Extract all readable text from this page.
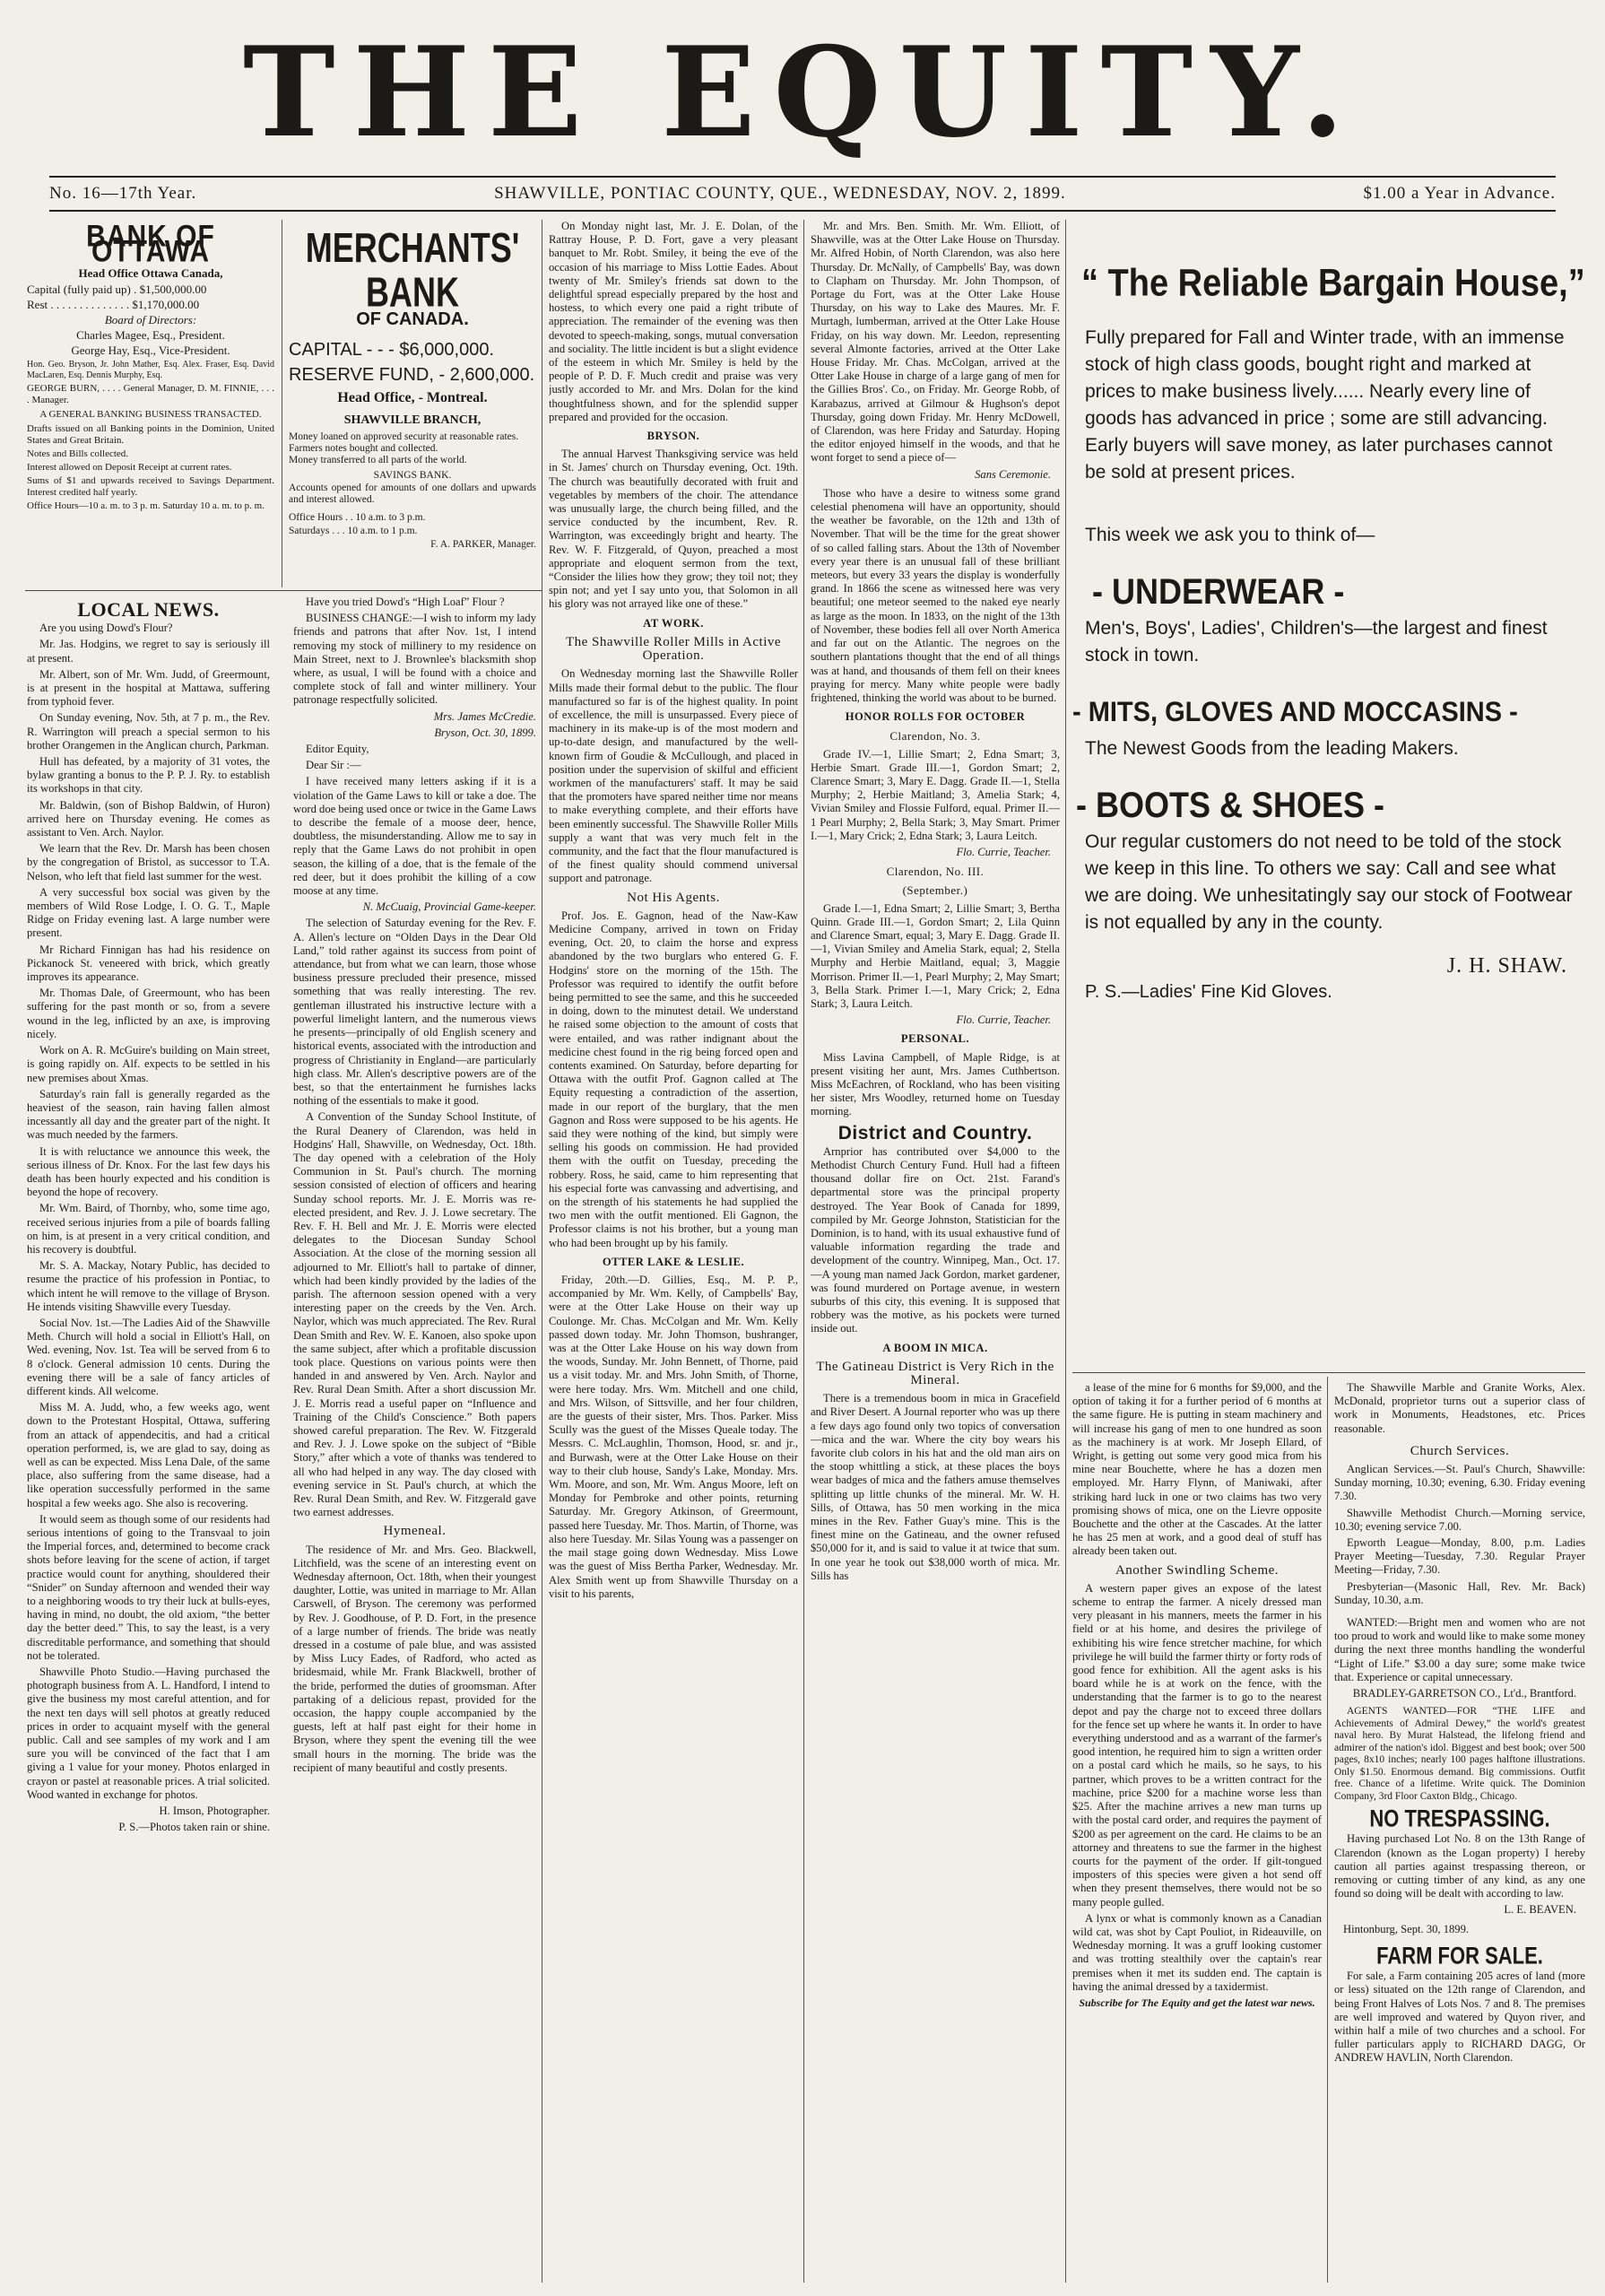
THE EQUITY.
No. 16—17th Year.	SHAWVILLE, PONTIAC COUNTY, QUE., WEDNESDAY, NOV. 2, 1899.	$1.00 a Year in Advance.
BANK OF OTTAWA
Head Office Ottawa Canada,
Capital (fully paid up) . $1,500,000.00
Rest . . . . . . . . . . . . . . $1,170,000.00
Board of Directors:
Charles Magee, Esq., President.
George Hay, Esq., Vice-President.
Hon. Geo. Bryson, Jr. John Mather, Esq. Alex. Fraser, Esq. David MacLaren, Esq. Dennis Murphy, Esq.
GEORGE BURN, . . . . General Manager, D. M. FINNIE, . . . . Manager.
A GENERAL BANKING BUSINESS TRANSACTED.
Drafts issued on all Banking points in the Dominion, United States and Great Britain.
Notes and Bills collected.
Interest allowed on Deposit Receipt at current rates.
Sums of $1 and upwards received to Savings Department. Interest credited half yearly.
Office Hours—10 a. m. to 3 p. m. Saturday 10 a. m. to p. m.
MERCHANTS' BANK
OF CANADA.
CAPITAL - - - $6,000,000.
RESERVE FUND, - 2,600,000.
Head Office, - Montreal.
SHAWVILLE BRANCH,
Money loaned on approved security at reasonable rates.
Farmers notes bought and collected.
Money transferred to all parts of the world.
SAVINGS BANK.
Accounts opened for amounts of one dollars and upwards and interest allowed.
Office Hours . . 10 a.m. to 3 p.m.
Saturdays . . . 10 a.m. to 1 p.m.
F. A. PARKER, Manager.
LOCAL NEWS.

Are you using Dowd's Flour?

Mr. Jas. Hodgins, we regret to say is seriously ill at present.

Mr. Albert, son of Mr. Wm. Judd, of Greermount, is at present in the hospital at Mattawa, suffering from typhoid fever.

On Sunday evening, Nov. 5th, at 7 p. m., the Rev. R. Warrington will preach a special sermon to his brother Orangemen in the Anglican church, Parkman.

Hull has defeated, by a majority of 31 votes, the bylaw granting a bonus to the P. P. J. Ry. to establish its workshops in that city.

Mr. Baldwin, (son of Bishop Baldwin, of Huron) arrived here on Thursday evening. He comes as assistant to Ven. Arch. Naylor.

We learn that the Rev. Dr. Marsh has been chosen by the congregation of Bristol, as successor to T.A. Nelson, who left that field last summer for the west.

A very successful box social was given by the members of Wild Rose Lodge, I. O. G. T., Maple Ridge on Friday evening last. A large number were present.

Mr Richard Finnigan has had his residence on Pickanock St. veneered with brick, which greatly improves its appearance.

Mr. Thomas Dale, of Greermount, who has been suffering for the past month or so, from a severe wound in the leg, inflicted by an axe, is improving nicely.

Work on A. R. McGuire's building on Main street, is going rapidly on. Alf. expects to be settled in his new premises about Xmas.

Saturday's rain fall is generally regarded as the heaviest of the season, rain having fallen almost incessantly all day and the greater part of the night. It was much needed by the farmers.

It is with reluctance we announce this week, the serious illness of Dr. Knox. For the last few days his death has been hourly expected and his condition is beyond the hope of recovery.

Mr. Wm. Baird, of Thornby, who, some time ago, received serious injuries from a pile of boards falling on him, is at present in a very critical condition, and his recovery is doubtful.

Mr. S. A. Mackay, Notary Public, has decided to resume the practice of his profession in Pontiac, to which intent he will remove to the village of Bryson. He intends visiting Shawville every Tuesday.

Social Nov. 1st.—The Ladies Aid of the Shawville Meth. Church will hold a social in Elliott's Hall, on Wed. evening, Nov. 1st. Tea will be served from 6 to 8 o'clock. General admission 10 cents. During the evening there will be a sale of fancy articles of different kinds. All welcome.

Miss M. A. Judd, who, a few weeks ago, went down to the Protestant Hospital, Ottawa, suffering from an attack of appendecitis, and had a critical operation performed, is, we are glad to say, doing as well as can be expected. Miss Lena Dale, of the same place, also suffering from the same disease, had a like operation successfully performed in the same hospital a few weeks ago. She also is recovering.

It would seem as though some of our residents had serious intentions of going to the Transvaal to join the Imperial forces, and, determined to become crack shots before leaving for the scene of action, if target practice would count for anything, shouldered their “Snider” on Sunday afternoon and wended their way to a neighboring woods to try their luck at bulls-eyes, having in mind, no doubt, the old axiom, “the better day the better deed.” This, to say the least, is a very discreditable performance, and something that should not be tolerated.

Shawville Photo Studio.—Having purchased the photograph business from A. L. Handford, I intend to give the business my most careful attention, and for the next ten days will sell photos at greatly reduced prices in order to acquaint myself with the general public. Call and see samples of my work and I am sure you will be convinced of the fact that I am giving a 1 value for your money. Photos enlarged in crayon or pastel at reasonable prices. A trial solicited. Wood wanted in exchange for photos.

H. Imson, Photographer.

P. S.—Photos taken rain or shine.

Have you tried Dowd's “High Loaf” Flour ?

BUSINESS CHANGE:—I wish to inform my lady friends and patrons that after Nov. 1st, I intend removing my stock of millinery to my residence on Main Street, next to J. Brownlee's blacksmith shop where, as usual, I will be found with a choice and complete stock of fall and winter millinery. Your patronage respectfully solicited.

Mrs. James McCredie.

Bryson, Oct. 30, 1899.

Editor Equity,

Dear Sir :—

I have received many letters asking if it is a violation of the Game Laws to kill or take a doe. The word doe being used once or twice in the Game Laws to describe the female of a moose deer, hence, doubtless, the misunderstanding. Allow me to say in reply that the Game Laws do not prohibit in open season, the killing of a doe, that is the female of the red deer, but it does prohibit the killing of a cow moose at any time.

N. McCuaig, Provincial Game-keeper.

The selection of Saturday evening for the Rev. F. A. Allen's lecture on “Olden Days in the Dear Old Land,” told rather against its success from point of attendance, but from what we can learn, those whose business pressure precluded their presence, missed something that was really interesting. The rev. gentleman illustrated his instructive lecture with a powerful limelight lantern, and the numerous views he presents—principally of old English scenery and historical events, associated with the introduction and progress of Christianity in England—are particularly high class. Mr. Allen's descriptive powers are of the best, so that the entertainment he furnishes lacks nothing of the essentials to make it good.

A Convention of the Sunday School Institute, of the Rural Deanery of Clarendon, was held in Hodgins' Hall, Shawville, on Wednesday, Oct. 18th. The day opened with a celebration of the Holy Communion in St. Paul's church. The morning session consisted of election of officers and hearing Sunday school reports. Mr. J. E. Morris was re-elected president, and Rev. J. J. Lowe secretary. The Rev. F. H. Bell and Mr. J. E. Morris were elected delegates to the Diocesan Sunday School Association. At the close of the morning session all adjourned to Mr. Elliott's hall to partake of dinner, which had been kindly provided by the ladies of the parish. The afternoon session opened with a very interesting paper on the creeds by the Ven. Arch. Naylor, which was much appreciated. The Rev. Rural Dean Smith and Rev. W. E. Kanoen, also spoke upon the same subject, after which a profitable discussion took place. Questions on various points were then handed in and answered by Ven. Arch. Naylor and Rev. Rural Dean Smith. After a short discussion Mr. J. E. Morris read a useful paper on “Influence and Training of the Child's Conscience.” Both papers showed careful preparation. The Rev. W. Fitzgerald and Rev. J. J. Lowe spoke on the subject of “Bible Story,” after which a vote of thanks was tendered to all who had helped in any way. The day closed with evening service in St. Paul's church, at which the Rev. Rural Dean Smith, and Rev. W. Fitzgerald gave two earnest addresses.

Hymeneal.

The residence of Mr. and Mrs. Geo. Blackwell, Litchfield, was the scene of an interesting event on Wednesday afternoon, Oct. 18th, when their youngest daughter, Lottie, was united in marriage to Mr. Allan Carswell, of Bryson. The ceremony was performed by Rev. J. Goodhouse, of P. D. Fort, in the presence of a large number of friends. The bride was neatly dressed in a costume of pale blue, and was assisted by Miss Lucy Eades, of Radford, who acted as bridesmaid, while Mr. Frank Blackwell, brother of the bride, performed the duties of groomsman. After partaking of a delicious repast, provided for the occasion, the happy couple accompanied by the guests, left at half past eight for their home in Bryson, where they spent the evening till the wee small hours in the morning. The bride was the recipient of many beautiful and costly presents.

On Monday night last, Mr. J. E. Dolan, of the Rattray House, P. D. Fort, gave a very pleasant banquet to Mr. Robt. Smiley, it being the eve of the occasion of his marriage to Miss Lottie Eades. About twenty of Mr. Smiley's friends sat down to the delightful spread especially prepared by the host and hostess, to which every one paid a right tribute of appreciation. The remainder of the evening was then devoted to speech-making, songs, mutual conversation and sociality. The little incident is but a slight evidence of the esteem in which Mr. Smiley is held by the people of P. D. F. Much credit and praise was very justly accorded to Mr. and Mrs. Dolan for the kind thoughtfulness shown, and for the splendid supper prepared and provided for the occasion.

BRYSON.

The annual Harvest Thanksgiving service was held in St. James' church on Thursday evening, Oct. 19th. The church was beautifully decorated with fruit and vegetables by members of the choir. The attendance was unusually large, the church being filled, and the service conducted by the incumbent, Rev. R. Warrington, was exceedingly bright and hearty. The Rev. W. F. Fitzgerald, of Quyon, preached a most appropriate and eloquent sermon from the text, “Consider the lilies how they grow; they toil not; they spin not; and yet I say unto you, that Solomon in all his glory was not arrayed like one of these.”

AT WORK.
The Shawville Roller Mills in Active Operation.

On Wednesday morning last the Shawville Roller Mills made their formal debut to the public. The flour manufactured so far is of the highest quality. In point of excellence, the mill is unsurpassed. Every piece of machinery in its make-up is of the most modern and up-to-date design, and manufactured by the well-known firm of Goudie & McCullough, and placed in position under the supervision of skilful and efficient workmen of the manufacturers' staff. It may be said that the promoters have spared neither time nor means to make everything complete, and their efforts have been eminently successful. The Shawville Roller Mills supply a want that was very much felt in the community, and the fact that the flour manufactured is of the finest quality should commend universal support and patronage.

Not His Agents.

Prof. Jos. E. Gagnon, head of the Naw-Kaw Medicine Company, arrived in town on Friday evening, Oct. 20, to claim the horse and express abandoned by the two burglars who entered G. F. Hodgins' store on the morning of the 15th. The Professor was required to identify the outfit before being permitted to see the same, and this he succeeded in doing, down to the minutest detail. We understand he raised some objection to the amount of costs that were entailed, and was rather indignant about the medicine chest found in the rig being forced open and contents examined. On Saturday, before departing for Ottawa with the outfit Prof. Gagnon called at The Equity requesting a contradiction of the assertion, made in our report of the burglary, that the men Gagnon and Ross were supposed to be his agents. He said they were nothing of the kind, but simply were selling his goods on commission. He had provided them with the outfit on Tuesday, preceding the robbery. Ross, he said, came to him representing that his especial forte was canvassing and advertising, and on the strength of his statements he had supplied the two men with the outfit mentioned. Eli Gagnon, the Professor claims is not his brother, but a young man who had been brought up by his family.

OTTER LAKE & LESLIE.

Friday, 20th.—D. Gillies, Esq., M. P. P., accompanied by Mr. Wm. Kelly, of Campbells' Bay, were at the Otter Lake House on their way up Coulonge. Mr. Chas. McColgan and Mr. Wm. Kelly passed down today. Mr. John Thomson, bushranger, was at the Otter Lake House on his way down from the woods, Sunday. Mr. John Bennett, of Thorne, paid us a visit today. Mr. and Mrs. John Smith, of Thorne, were here today. Mrs. Wm. Mitchell and one child, and Mrs. Wilson, of Sittsville, and her four children, are the guests of their sister, Mrs. Thos. Parker. Miss Scully was the guest of the Misses Queale today. The Messrs. C. McLaughlin, Thomson, Hood, sr. and jr., and Burwash, were at the Otter Lake House on their way to their club house, Sandy's Lake, Monday. Mrs. Wm. Moore, and son, Mr. Wm. Angus Moore, left on Monday for Pembroke and other points, returning Saturday. Mr. Gregory Atkinson, of Greermount, passed here Tuesday. Mr. Thos. Martin, of Thorne, was also here Tuesday. Mr. Silas Young was a passenger on the mail stage going down Wednesday. Miss Lowe was the guest of Miss Bertha Parker, Wednesday. Mr. Alex Smith went up from Shawville Thursday on a visit to his parents,

Mr. and Mrs. Ben. Smith. Mr. Wm. Elliott, of Shawville, was at the Otter Lake House on Thursday. Mr. Alfred Hobin, of North Clarendon, was also here Thursday. Dr. McNally, of Campbells' Bay, was down to Clapham on Thursday. Mr. John Thompson, of Portage du Fort, was at the Otter Lake House Thursday, on his way to Lake des Maures. Mr. F. Murtagh, lumberman, arrived at the Otter Lake House Friday, on his way down. Mr. Leedon, representing several Almonte factories, arrived at the Otter Lake House Friday. Mr. Chas. McColgan, arrived at the Otter Lake House in charge of a large gang of men for the Gillies Bros'. Co., on Friday. Mr. George Robb, of Karabazus, arrived at Gilmour & Hughson's depot Thursday, going down Friday. Mr. Henry McDowell, of Clarendon, was here Friday and Saturday. Hoping the editor enjoyed himself in the woods, and that he wont forget to send a piece of—

Sans Ceremonie.

Those who have a desire to witness some grand celestial phenomena will have an opportunity, should the weather be favorable, on the 12th and 13th of November. That will be the time for the great shower of so called falling stars. About the 13th of November every year there is an unusual fall of these brilliant meteors, but every 33 years the display is wonderfully grand. In 1866 the scene as witnessed here was very beautiful; one meteor seemed to the naked eye nearly as large as the moon. In 1833, on the night of the 13th of November, these bodies fell all over North America and far out on the Atlantic. The negroes on the southern plantations thought that the end of all things was at hand, and thousands of them fell on their knees praying for mercy. Many white people were badly frightened, thinking the world was about to be burned.

HONOR ROLLS FOR OCTOBER
Clarendon, No. 3.

Grade IV.—1, Lillie Smart; 2, Edna Smart; 3, Herbie Smart. Grade III.—1, Gordon Smart; 2, Clarence Smart; 3, Mary E. Dagg. Grade II.—1, Stella Murphy; 2, Herbie Maitland; 3, Amelia Stark; 4, Vivian Smiley and Flossie Fulford, equal. Primer II.—1 Pearl Murphy; 2, Bella Stark; 3, May Smart. Primer I.—1, Mary Crick; 2, Edna Stark; 3, Laura Leitch.

Flo. Currie, Teacher.
Clarendon, No. III.
(September.)

Grade I.—1, Edna Smart; 2, Lillie Smart; 3, Bertha Quinn. Grade III.—1, Gordon Smart; 2, Lila Quinn and Clarence Smart, equal; 3, Mary E. Dagg. Grade II.—1, Vivian Smiley and Amelia Stark, equal; 2, Stella Murphy and Herbie Maitland, equal; 3, Maggie Morrison. Primer II.—1, Pearl Murphy; 2, May Smart; 3, Bella Stark. Primer I.—1, Mary Crick; 2, Edna Stark; 3, Laura Leitch.

Flo. Currie, Teacher.
PERSONAL.

Miss Lavina Campbell, of Maple Ridge, is at present visiting her aunt, Mrs. James Cuthbertson. Miss McEachren, of Rockland, who has been visiting her sister, Mrs Woodley, returned home on Tuesday morning.

District and Country.

Arnprior has contributed over $4,000 to the Methodist Church Century Fund. Hull had a fifteen thousand dollar fire on Oct. 21st. Farand's departmental store was the principal property destroyed. The Year Book of Canada for 1899, compiled by Mr. George Johnston, Statistician for the Dominion, is to hand, with its usual exhaustive fund of valuable information regarding the trade and development of the country. Winnipeg, Man., Oct. 17.—A young man named Jack Gordon, market gardener, was found murdered on Portage avenue, in western suburbs of this city, this evening. It is supposed that robbery was the motive, as his pockets were turned inside out.

A BOOM IN MICA.
The Gatineau District is Very Rich in the Mineral.

There is a tremendous boom in mica in Gracefield and River Desert. A Journal reporter who was up there a few days ago found only two topics of conversation—mica and the war. Where the city boy wears his favorite club colors in his hat and the old man airs on the stoop whittling a stick, at these places the boys wear badges of mica and the fathers amuse themselves splitting up little chunks of the mineral. Mr. W. H. Sills, of Ottawa, has 50 men working in the mica mines in the Rev. Father Guay's mine. This is the finest mine on the Gatineau, and the owner refused $50,000 for it, and is said to value it at twice that sum. In one year he took out $38,000 worth of mica. Mr. Sills has

“ The Reliable Bargain House,”
Fully prepared for Fall and Winter trade, with an immense stock of high class goods, bought right and marked at prices to make business lively...... Nearly every line of goods has advanced in price ; some are still advancing. Early buyers will save money, as later purchases cannot be sold at present prices.
This week we ask you to think of—
- UNDERWEAR -
Men's, Boys', Ladies', Children's—the largest and finest stock in town.
- MITS, GLOVES AND MOCCASINS -
The Newest Goods from the leading Makers.
- BOOTS & SHOES -
Our regular customers do not need to be told of the stock we keep in this line. To others we say: Call and see what we are doing. We unhesitatingly say our stock of Footwear is not equalled by any in the county.
J. H. SHAW.
P. S.—Ladies' Fine Kid Gloves.

a lease of the mine for 6 months for $9,000, and the option of taking it for a further period of 6 months at the same figure. He is putting in steam machinery and will increase his gang of men to one hundred as soon as the machinery is at work. Mr Joseph Ellard, of Wright, is getting out some very good mica from his mine near Bouchette, where he has a dozen men employed. Mr. Harry Flynn, of Maniwaki, after striking hard luck in one or two claims has two very promising shows of mica, one on the Lievre opposite Bouchette and the other at the Cascades. At the latter he has 25 men at work, and a good deal of stuff has already been taken out.

Another Swindling Scheme.

A western paper gives an expose of the latest scheme to entrap the farmer. A nicely dressed man very pleasant in his manners, meets the farmer in his field or at his home, and desires the privilege of exhibiting his wire fence stretcher machine, for which privilege he will build the farmer thirty or forty rods of good fence for exhibition. All the agent asks is his board while he is at work on the fence, with the understanding that the farmer is to go to the nearest depot and pay the charge not to exceed three dollars for the fence set up where he wants it. In order to have everything understood and as a warrant of the farmer's good intention, he required him to sign a written order on a postal card which he mails, so he says, to his partner, which proves to be a written contract for the machine, price $200 for a machine worse less than $25. After the machine arrives a new man turns up with the postal card order, and requires the payment of $200 as per agreement on the card. He claims to be an attorney and threatens to sue the farmer in the highest courts for the payment of the order. If gilt-tongued imposters of this species were given a hot send off when they present themselves, there would not be so many people gulled.

A lynx or what is commonly known as a Canadian wild cat, was shot by Capt Pouliot, in Rideauville, on Wednesday morning. It was a gruff looking customer and was trotting stealthily over the captain's rear premises when it met its sudden end. The captain is having the animal dressed by a taxidermist.

Subscribe for The Equity and get the latest war news.

The Shawville Marble and Granite Works, Alex. McDonald, proprietor turns out a superior class of work in Monuments, Headstones, etc. Prices reasonable.

Church Services.

Anglican Services.—St. Paul's Church, Shawville: Sunday morning, 10.30; evening, 6.30. Friday evening 7.30.

Shawville Methodist Church.—Morning service, 10.30; evening service 7.00.

Epworth League—Monday, 8.00, p.m. Ladies Prayer Meeting—Tuesday, 7.30. Regular Prayer Meeting—Friday, 7.30.

Presbyterian—(Masonic Hall, Rev. Mr. Back) Sunday, 10.30, a.m.

WANTED:—Bright men and women who are not too proud to work and would like to make some money during the next three months handling the wonderful “Light of Life.” $3.00 a day sure; some make twice that. Experience or capital unnecessary.

BRADLEY-GARRETSON CO., Lt'd., Brantford.

AGENTS WANTED—FOR “THE LIFE and Achievements of Admiral Dewey,” the world's greatest naval hero. By Murat Halstead, the lifelong friend and admirer of the nation's idol. Biggest and best book; over 500 pages, 8x10 inches; nearly 100 pages halftone illustrations. Only $1.50. Enormous demand. Big commissions. Outfit free. Chance of a lifetime. Write quick. The Dominion Company, 3rd Floor Caxton Bldg., Chicago.

NO TRESPASSING.

Having purchased Lot No. 8 on the 13th Range of Clarendon (known as the Logan property) I hereby caution all parties against trespassing thereon, or removing or cutting timber of any kind, as any one found so doing will be dealt with according to law.

L. E. BEAVEN.
Hintonburg, Sept. 30, 1899.
FARM FOR SALE.

For sale, a Farm containing 205 acres of land (more or less) situated on the 12th range of Clarendon, and being Front Halves of Lots Nos. 7 and 8. The premises are well improved and watered by Quyon river, and within half a mile of two churches and a school. For fuller particulars apply to RICHARD DAGG, Or ANDREW HAVLIN, North Clarendon.
